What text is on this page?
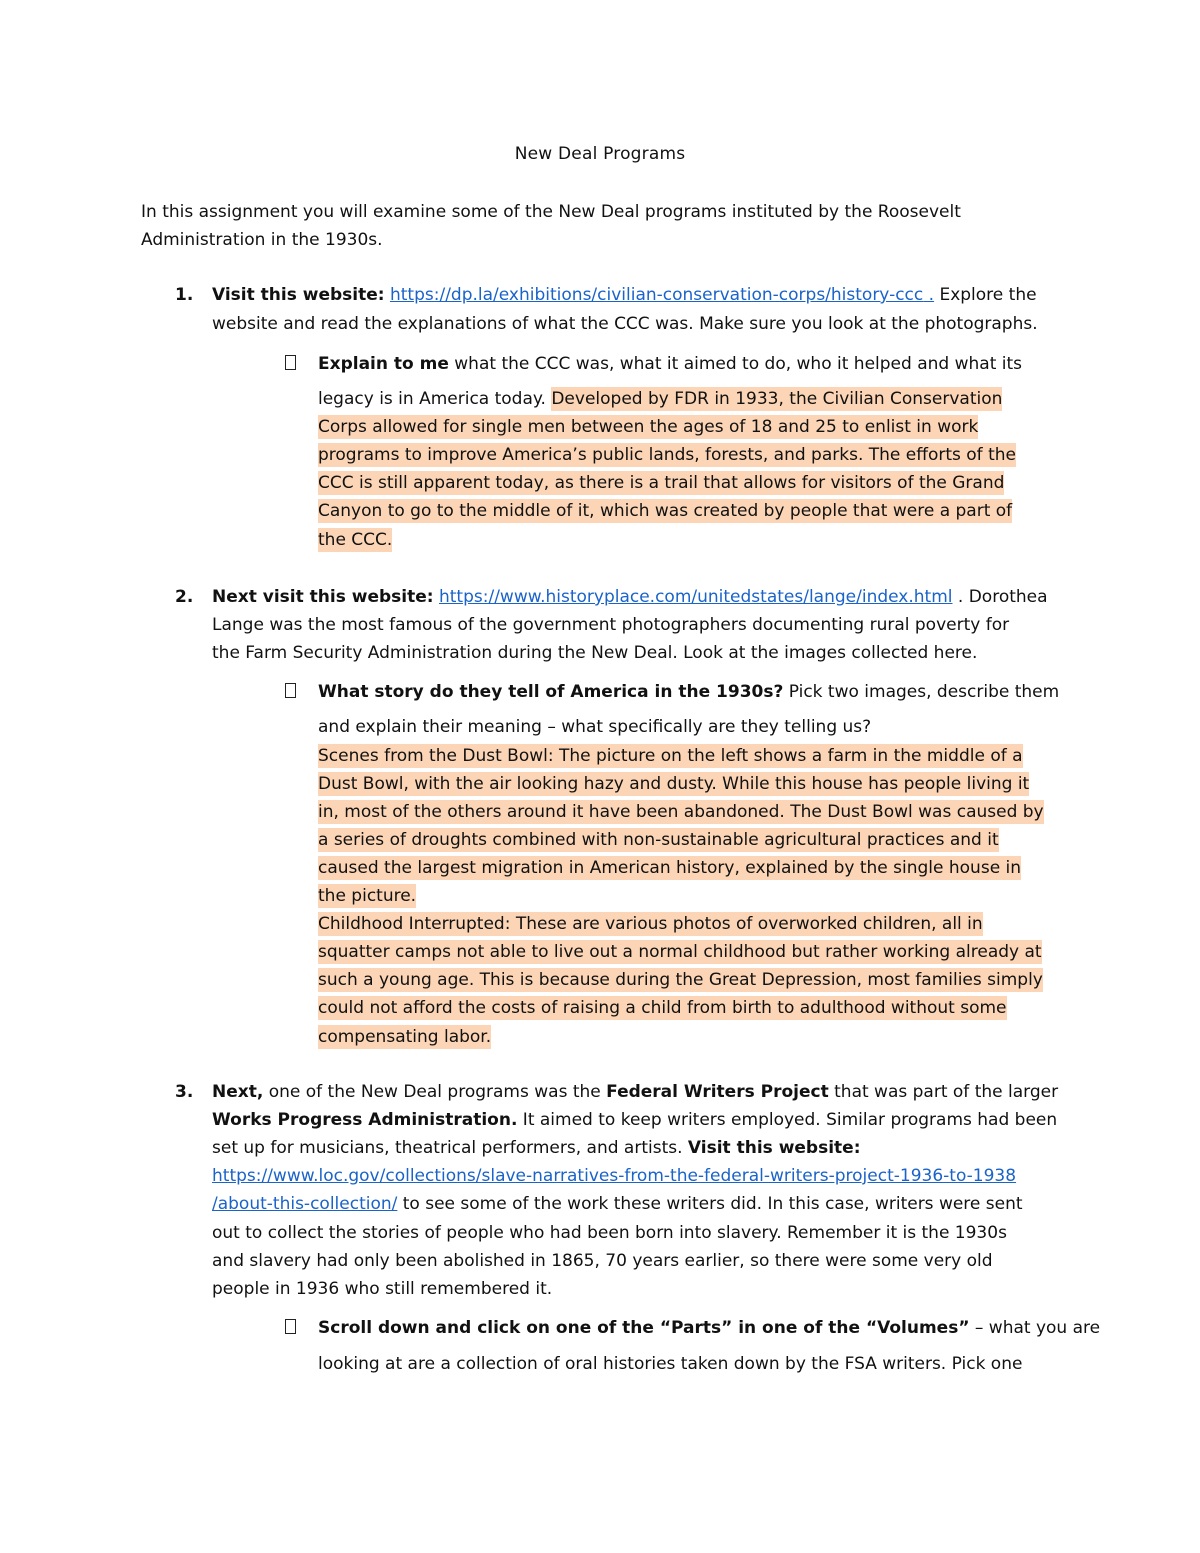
New Deal Programs
In this assignment you will examine some of the New Deal programs instituted by the Roosevelt
Administration in the 1930s.
1. Visit this website: https://dp.la/exhibitions/civilian-conservation-corps/history-ccc . Explore the
website and read the explanations of what the CCC was. Make sure you look at the photographs.
Explain to me what the CCC was, what it aimed to do, who it helped and what its
legacy is in America today. Developed by FDR in 1933, the Civilian Conservation
Corps allowed for single men between the ages of 18 and 25 to enlist in work
programs to improve America’s public lands, forests, and parks. The efforts of the
CCC is still apparent today, as there is a trail that allows for visitors of the Grand
Canyon to go to the middle of it, which was created by people that were a part of
the CCC.
2. Next visit this website: https://www.historyplace.com/unitedstates/lange/index.html . Dorothea
Lange was the most famous of the government photographers documenting rural poverty for
the Farm Security Administration during the New Deal. Look at the images collected here.
What story do they tell of America in the 1930s? Pick two images, describe them
and explain their meaning – what specifically are they telling us?
Scenes from the Dust Bowl: The picture on the left shows a farm in the middle of a
Dust Bowl, with the air looking hazy and dusty. While this house has people living it
in, most of the others around it have been abandoned. The Dust Bowl was caused by
a series of droughts combined with non-sustainable agricultural practices and it
caused the largest migration in American history, explained by the single house in
the picture.
Childhood Interrupted: These are various photos of overworked children, all in
squatter camps not able to live out a normal childhood but rather working already at
such a young age. This is because during the Great Depression, most families simply
could not afford the costs of raising a child from birth to adulthood without some
compensating labor.
3. Next, one of the New Deal programs was the Federal Writers Project that was part of the larger
Works Progress Administration. It aimed to keep writers employed. Similar programs had been
set up for musicians, theatrical performers, and artists. Visit this website:
https://www.loc.gov/collections/slave-narratives-from-the-federal-writers-project-1936-to-1938
/about-this-collection/ to see some of the work these writers did. In this case, writers were sent
out to collect the stories of people who had been born into slavery. Remember it is the 1930s
and slavery had only been abolished in 1865, 70 years earlier, so there were some very old
people in 1936 who still remembered it.
Scroll down and click on one of the “Parts” in one of the “Volumes” – what you are
looking at are a collection of oral histories taken down by the FSA writers. Pick one
